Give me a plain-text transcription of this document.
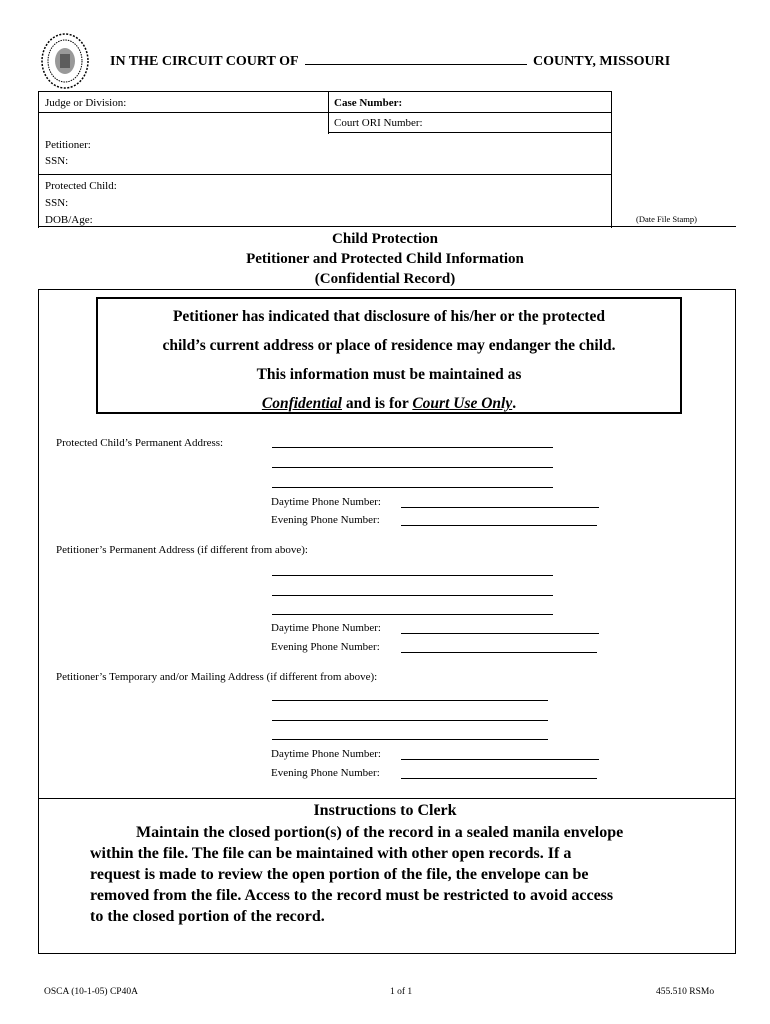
IN THE CIRCUIT COURT OF	COUNTY, MISSOURI
Judge or Division:	Case Number:
Court ORI Number:
Petitioner:
SSN:
Protected Child:
SSN:
DOB/Age:	(Date File Stamp)
Child Protection
Petitioner and Protected Child Information
(Confidential Record)

Petitioner has indicated that disclosure of his/her or the protected

child’s current address or place of residence may endanger the child.

This information must be maintained as

Confidential and is for Court Use Only.

Protected Child’s Permanent Address:
Daytime Phone Number:
Evening Phone Number:
Petitioner’s Permanent Address (if different from above):
Daytime Phone Number:
Evening Phone Number:
Petitioner’s Temporary and/or Mailing Address (if different from above):
Daytime Phone Number:
Evening Phone Number:
Instructions to Clerk
Maintain the closed portion(s) of the record in a sealed manila envelope
within the file. The file can be maintained with other open records. If a
request is made to review the open portion of the file, the envelope can be
removed from the file. Access to the record must be restricted to avoid access
to the closed portion of the record.
OSCA (10-1-05) CP40A	1 of 1	455.510 RSMo
